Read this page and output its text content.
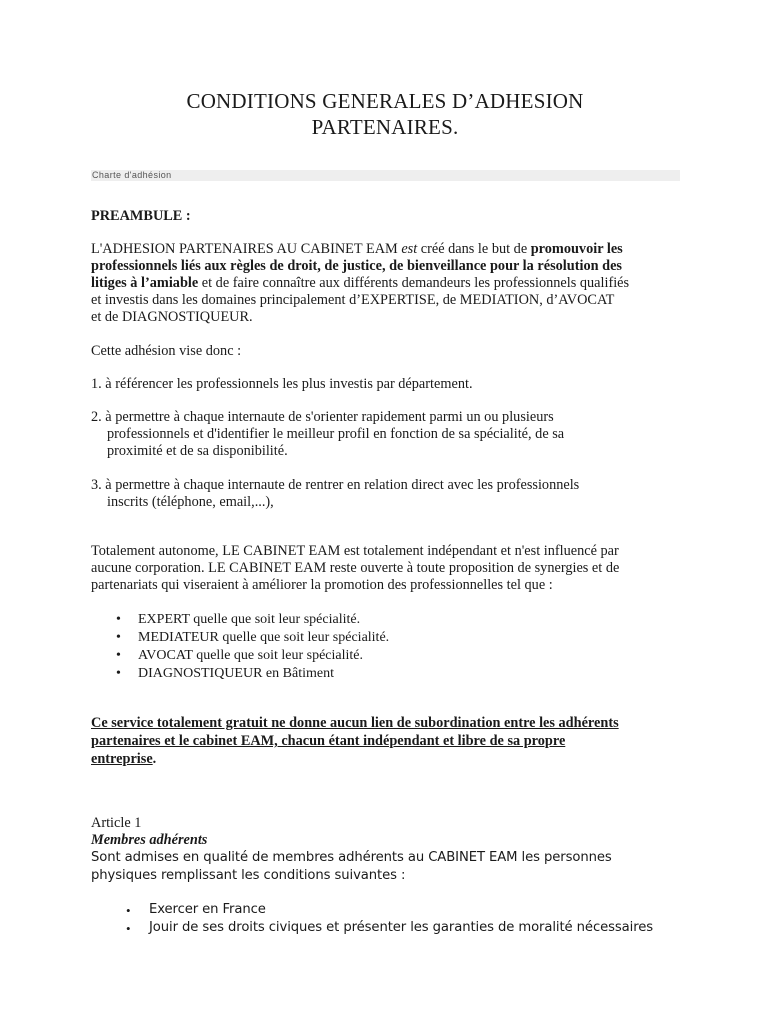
CONDITIONS GENERALES D’ADHESION
PARTENAIRES.
Charte d'adhésion
PREAMBULE :
L'ADHESION PARTENAIRES AU CABINET EAM est créé dans le but de promouvoir les
professionnels liés aux règles de droit, de justice, de bienveillance pour la résolution des
litiges à l’amiable et de faire connaître aux différents demandeurs les professionnels qualifiés
et investis dans les domaines principalement d’EXPERTISE, de MEDIATION, d’AVOCAT
et de DIAGNOSTIQUEUR.
Cette adhésion vise donc :
1. à référencer les professionnels les plus investis par département.
2. à permettre à chaque internaute de s'orienter rapidement parmi un ou plusieurs
professionnels et d'identifier le meilleur profil en fonction de sa spécialité, de sa
proximité et de sa disponibilité.
3. à permettre à chaque internaute de rentrer en relation direct avec les professionnels
inscrits (téléphone, email,...),
Totalement autonome, LE CABINET EAM est totalement indépendant et n'est influencé par
aucune corporation. LE CABINET EAM reste ouverte à toute proposition de synergies et de
partenariats qui viseraient à améliorer la promotion des professionnelles tel que :
• EXPERT quelle que soit leur spécialité.
• MEDIATEUR quelle que soit leur spécialité.
• AVOCAT quelle que soit leur spécialité.
• DIAGNOSTIQUEUR en Bâtiment
Ce service totalement gratuit ne donne aucun lien de subordination entre les adhérents
partenaires et le cabinet EAM, chacun étant indépendant et libre de sa propre
entreprise.
Article 1
Membres adhérents
Sont admises en qualité de membres adhérents au CABINET EAM les personnes
physiques remplissant les conditions suivantes :
• Exercer en France
• Jouir de ses droits civiques et présenter les garanties de moralité nécessaires
